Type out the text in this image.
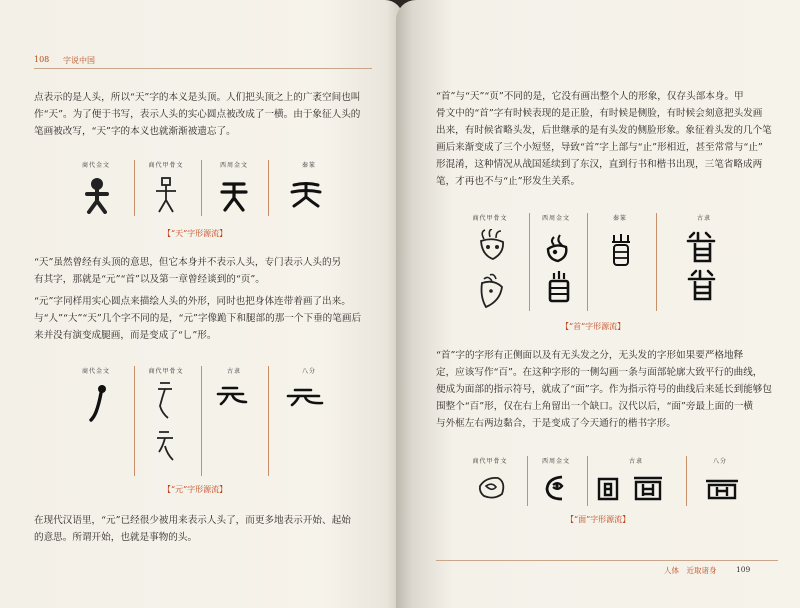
108 字说中国
点表示的是人头，所以“天”字的本义是头顶。人们把头顶之上的广袤空间也叫
作“天”。为了便于书写，表示人头的实心圆点被改成了一横。由于象征人头的
笔画被改写，“天”字的本义也就渐渐被遗忘了。
商代金文	商代甲骨文	西周金文	秦篆
【“天”字形源流】
“天”虽然曾经有头顶的意思，但它本身并不表示人头，专门表示人头的另
有其字，那就是“元”“首”以及第一章曾经谈到的“页”。
“元”字同样用实心圆点来描绘人头的外形，同时也把身体连带着画了出来。
与“人”“大”“天”几个字不同的是，“元”字像跪下和腿部的那一个下垂的笔画后
来并没有演变成腿画，而是变成了“乚”形。
商代金文	商代甲骨文	古隶	八分
【“元”字形源流】
在现代汉语里，“元”已经很少被用来表示人头了，而更多地表示开始、起始
的意思。所谓开始，也就是事物的头。
“首”与“天”“页”不同的是，它没有画出整个人的形象，仅存头部本身。甲
骨文中的“首”字有时候表现的是正脸，有时候是侧脸，有时候会刻意把头发画
出来，有时候省略头发，后世继承的是有头发的侧脸形象。象征着头发的几个笔
画后来渐变成了三个小短竖，导致“首”字上部与“止”形相近，甚至常常与“止”
形混淆，这种情况从战国延续到了东汉，直到行书和楷书出现，三笔省略成两
笔，才再也不与“止”形发生关系。
商代甲骨文	西周金文	秦篆	古隶
【“首”字形源流】
“首”字的字形有正侧面以及有无头发之分，无头发的字形如果要严格地释
定，应该写作“百”。在这种字形的一侧勾画一条与面部轮廓大致平行的曲线，
便成为面部的指示符号，就成了“面”字。作为指示符号的曲线后来延长到能够包
围整个“百”形，仅在右上角留出一个缺口。汉代以后，“面”旁最上面的一横
与外框左右两边黏合，于是变成了今天通行的楷书字形。
商代甲骨文	西周金文	古隶	八分
【“面”字形源流】
人体　近取诸身	109
